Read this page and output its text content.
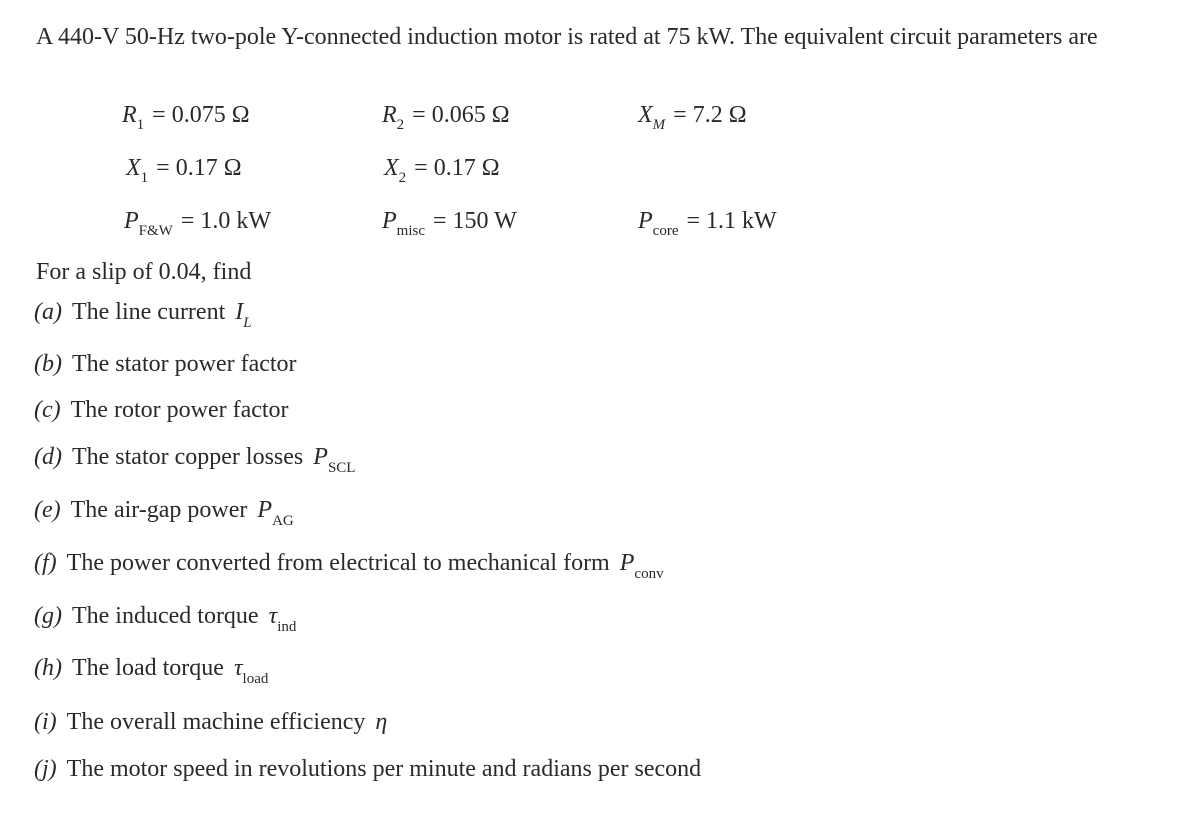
A 440-V 50-Hz two-pole Y-connected induction motor is rated at 75 kW. The equivalent circuit parameters are

$R_1 = 0.075$ Ω	$R_2 = 0.065$ Ω	$X_M = 7.2$ Ω
$X_1 = 0.17$ Ω	$X_2 = 0.17$ Ω
$P_{F\&W} = 1.0$ kW	$P_{misc} = 150$ W	$P_{core} = 1.1$ kW

For a slip of 0.04, find

(a) The line current $I_L$
(b) The stator power factor
(c) The rotor power factor
(d) The stator copper losses $P_{SCL}$
(e) The air-gap power $P_{AG}$
(f) The power converted from electrical to mechanical form $P_{conv}$
(g) The induced torque $\tau_{ind}$
(h) The load torque $\tau_{load}$
(i) The overall machine efficiency η
(j) The motor speed in revolutions per minute and radians per second
